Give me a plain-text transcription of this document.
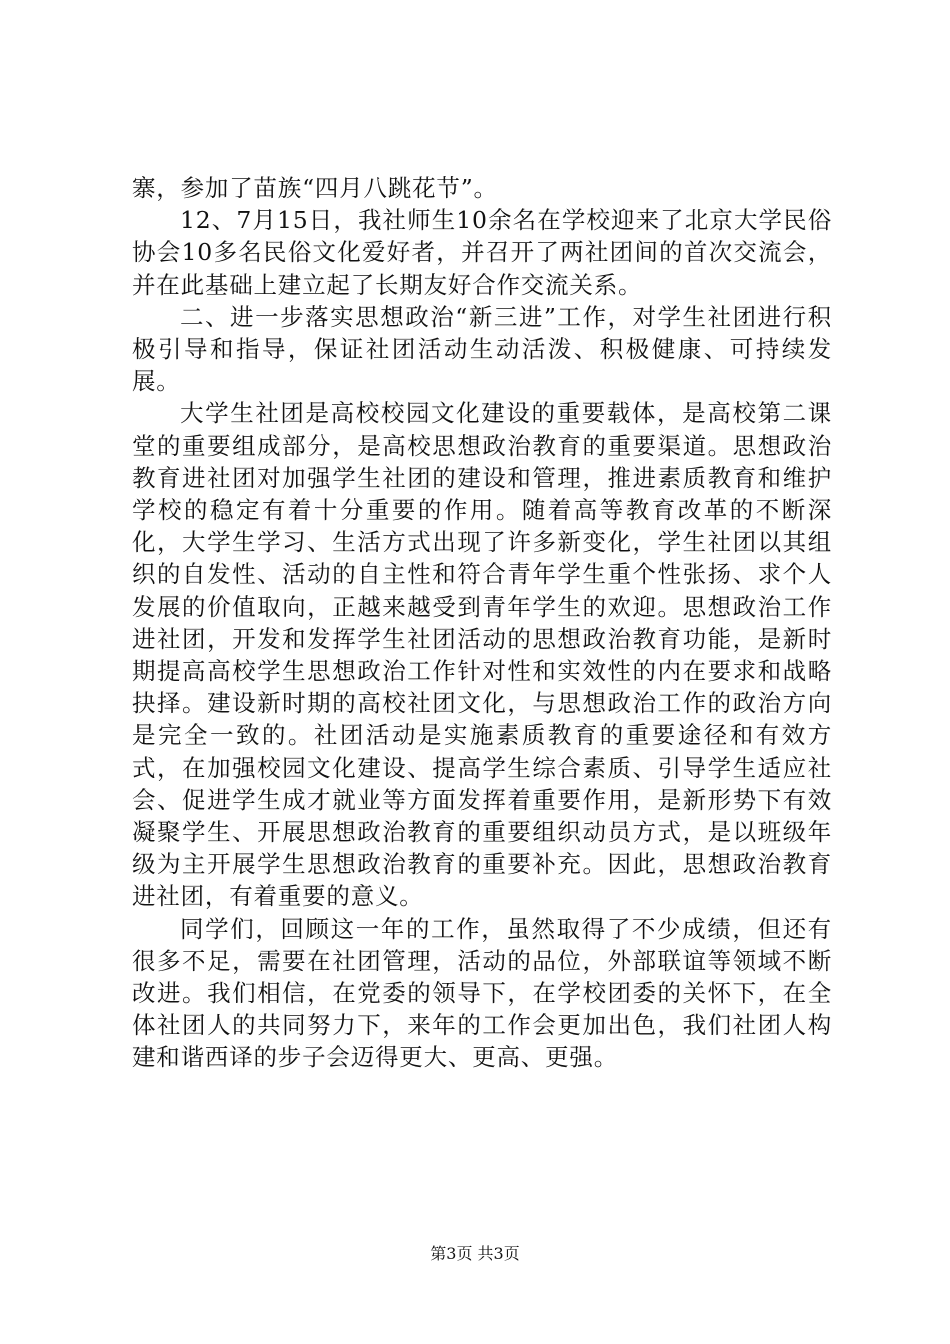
寨，参加了苗族“四月八跳花节”。

12、7月15日，我社师生10余名在学校迎来了北京大学民俗协会10多名民俗文化爱好者，并召开了两社团间的首次交流会，并在此基础上建立起了长期友好合作交流关系。

二、进一步落实思想政治“新三进”工作，对学生社团进行积极引导和指导，保证社团活动生动活泼、积极健康、可持续发展。

大学生社团是高校校园文化建设的重要载体，是高校第二课堂的重要组成部分，是高校思想政治教育的重要渠道。思想政治教育进社团对加强学生社团的建设和管理，推进素质教育和维护学校的稳定有着十分重要的作用。随着高等教育改革的不断深化，大学生学习、生活方式出现了许多新变化，学生社团以其组织的自发性、活动的自主性和符合青年学生重个性张扬、求个人发展的价值取向，正越来越受到青年学生的欢迎。思想政治工作进社团，开发和发挥学生社团活动的思想政治教育功能，是新时期提高高校学生思想政治工作针对性和实效性的内在要求和战略抉择。建设新时期的高校社团文化，与思想政治工作的政治方向是完全一致的。社团活动是实施素质教育的重要途径和有效方式，在加强校园文化建设、提高学生综合素质、引导学生适应社会、促进学生成才就业等方面发挥着重要作用，是新形势下有效凝聚学生、开展思想政治教育的重要组织动员方式，是以班级年级为主开展学生思想政治教育的重要补充。因此，思想政治教育进社团，有着重要的意义。

同学们，回顾这一年的工作，虽然取得了不少成绩，但还有很多不足，需要在社团管理，活动的品位，外部联谊等领域不断改进。我们相信，在党委的领导下，在学校团委的关怀下，在全体社团人的共同努力下，来年的工作会更加出色，我们社团人构建和谐西译的步子会迈得更大、更高、更强。

第3页 共3页
